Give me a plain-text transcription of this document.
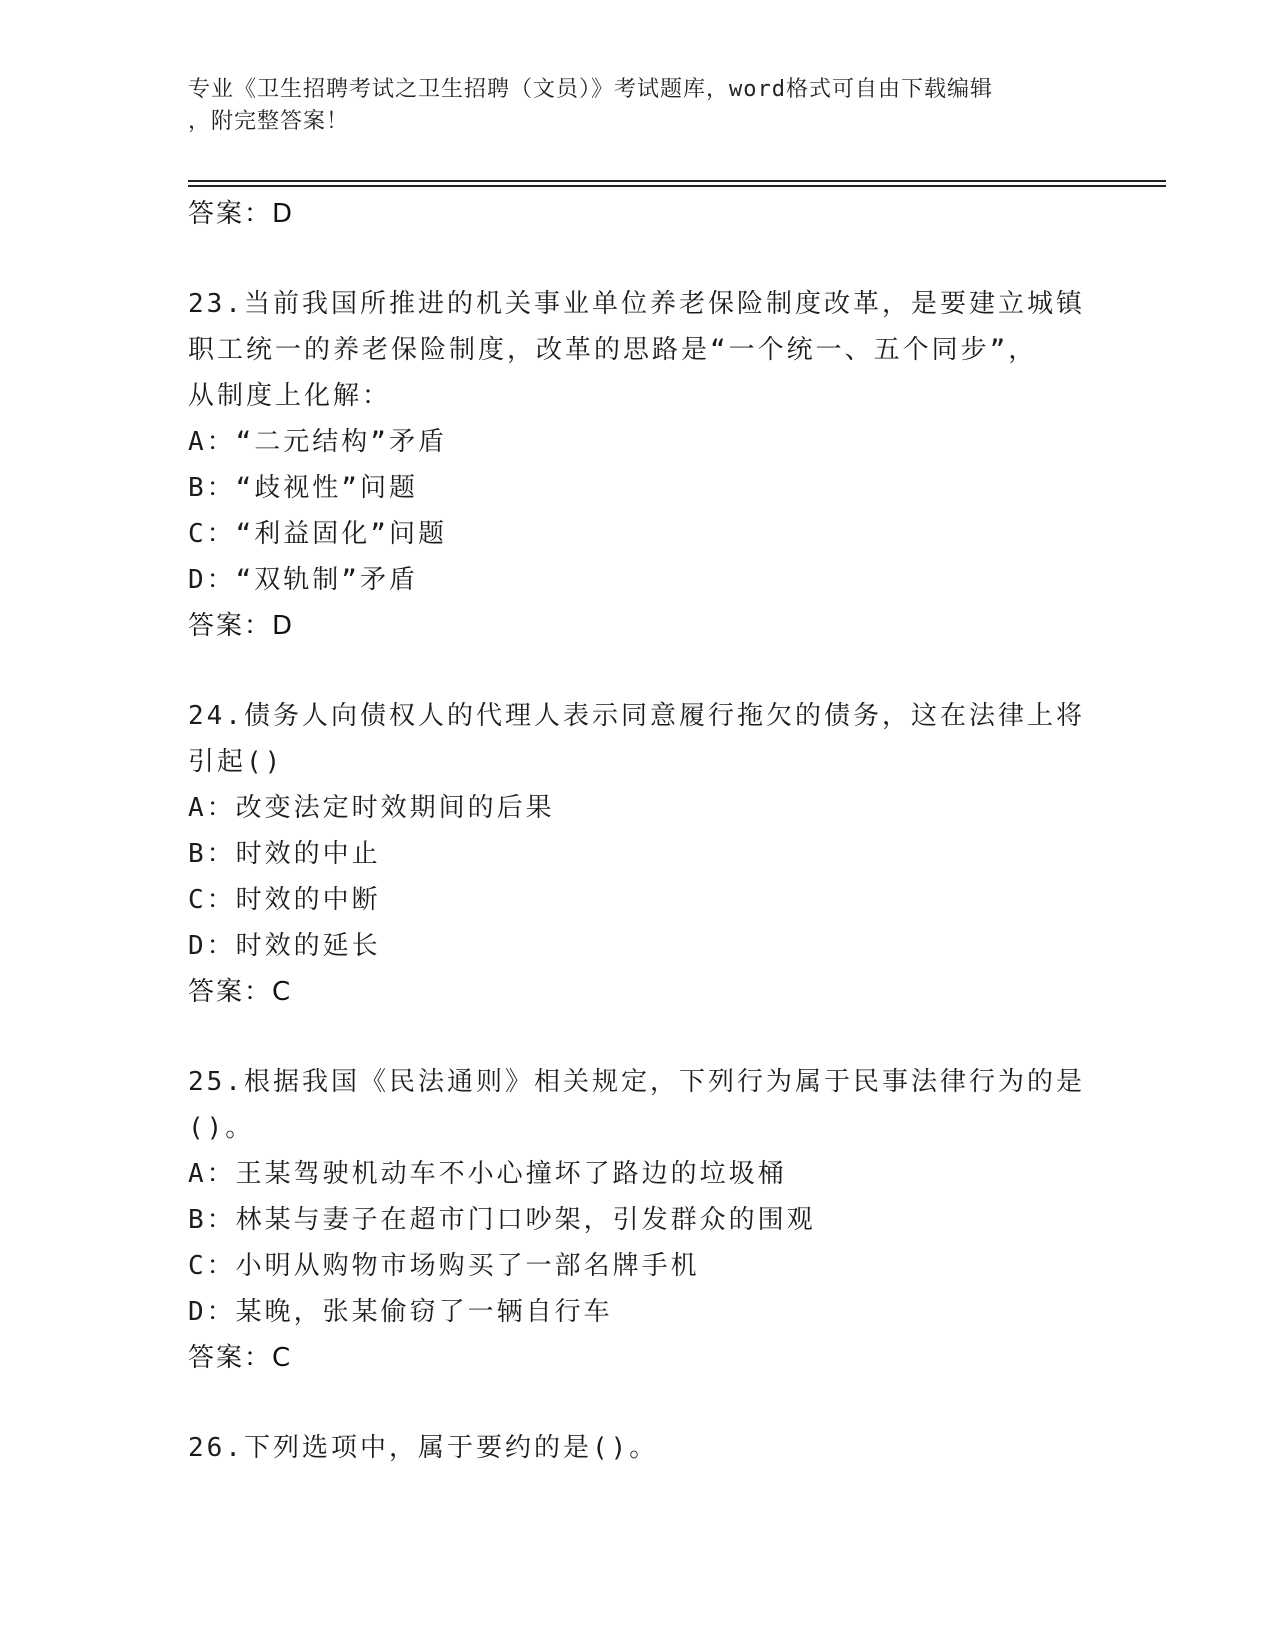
专业《卫生招聘考试之卫生招聘（文员）》考试题库，word格式可自由下载编辑
，附完整答案！
答案：D
23.当前我国所推进的机关事业单位养老保险制度改革，是要建立城镇
职工统一的养老保险制度，改革的思路是“一个统一、五个同步”，
从制度上化解：
A：“二元结构”矛盾
B：“歧视性”问题
C：“利益固化”问题
D：“双轨制”矛盾
答案：D
24.债务人向债权人的代理人表示同意履行拖欠的债务，这在法律上将
引起()
A：改变法定时效期间的后果
B：时效的中止
C：时效的中断
D：时效的延长
答案：C
25.根据我国《民法通则》相关规定，下列行为属于民事法律行为的是
()。
A：王某驾驶机动车不小心撞坏了路边的垃圾桶
B：林某与妻子在超市门口吵架，引发群众的围观
C：小明从购物市场购买了一部名牌手机
D：某晚，张某偷窃了一辆自行车
答案：C
26.下列选项中，属于要约的是()。
